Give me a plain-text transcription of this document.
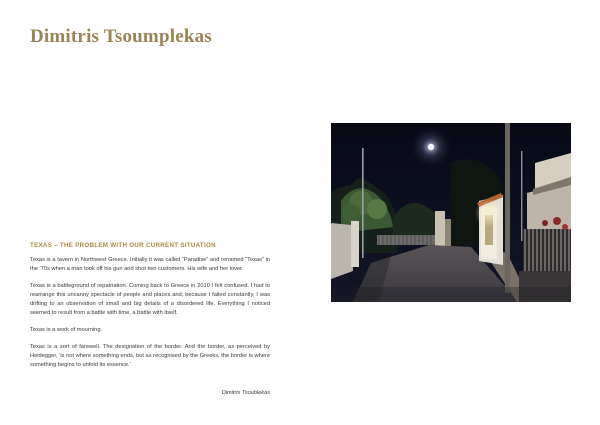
Dimitris Tsoumplekas
TEXAS – THE PROBLEM WITH OUR CURRENT SITUATION

Texas is a tavern in Northwest Greece. Initially it was called “Paradise” and renamed “Texas” in the ’70s when a man took off his gun and shot two customers. His wife and her lover.

Texas is a battleground of repatriation. Coming back to Greece in 2010 I felt confused. I had to rearrange this uncanny spectacle of people and places and, because I failed constantly, I was drifting to an observation of small and big details of a disordered life. Everything I noticed seemed to result from a battle with time, a battle with itself.

Texas is a work of mourning.

Texas is a sort of farewell. The designation of the border. And the border, as perceived by Heidegger, ‘is not where something ends, but as recognised by the Greeks, the border is where something begins to unfold its essence.’

Dimitris Tsoublekas
